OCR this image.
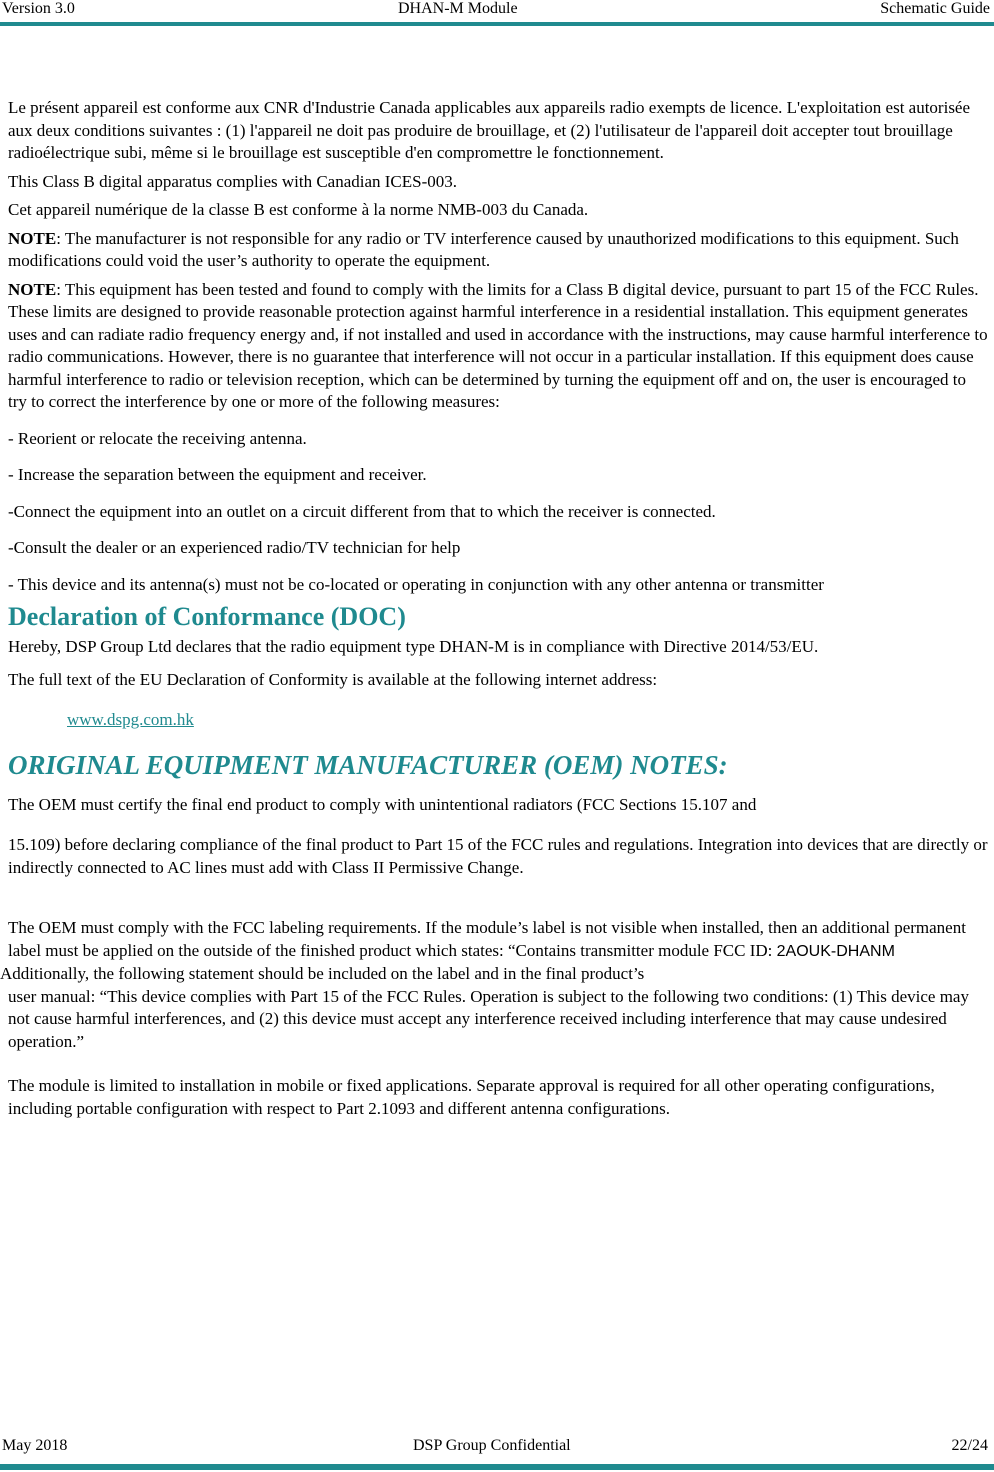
Version 3.0	DHAN-M Module	Schematic Guide

Le présent appareil est conforme aux CNR d'Industrie Canada applicables aux appareils radio exempts de licence. L'exploitation est autorisée aux deux conditions suivantes : (1) l'appareil ne doit pas produire de brouillage, et (2) l'utilisateur de l'appareil doit accepter tout brouillage radioélectrique subi, même si le brouillage est susceptible d'en compromettre le fonctionnement.

This Class B digital apparatus complies with Canadian ICES-003.

Cet appareil numérique de la classe B est conforme à la norme NMB-003 du Canada.

NOTE: The manufacturer is not responsible for any radio or TV interference caused by unauthorized modifications to this equipment. Such modifications could void the user’s authority to operate the equipment.

NOTE: This equipment has been tested and found to comply with the limits for a Class B digital device, pursuant to part 15 of the FCC Rules. These limits are designed to provide reasonable protection against harmful interference in a residential installation. This equipment generates uses and can radiate radio frequency energy and, if not installed and used in accordance with the instructions, may cause harmful interference to radio communications. However, there is no guarantee that interference will not occur in a particular installation. If this equipment does cause harmful interference to radio or television reception, which can be determined by turning the equipment off and on, the user is encouraged to try to correct the interference by one or more of the following measures:

- Reorient or relocate the receiving antenna.

- Increase the separation between the equipment and receiver.

-Connect the equipment into an outlet on a circuit different from that to which the receiver is connected.

-Consult the dealer or an experienced radio/TV technician for help

- This device and its antenna(s) must not be co-located or operating in conjunction with any other antenna or transmitter

Declaration of Conformance (DOC)

Hereby, DSP Group Ltd declares that the radio equipment type DHAN-M is in compliance with Directive 2014/53/EU.

The full text of the EU Declaration of Conformity is available at the following internet address:

www.dspg.com.hk

ORIGINAL EQUIPMENT MANUFACTURER (OEM) NOTES:

The OEM must certify the final end product to comply with unintentional radiators (FCC Sections 15.107 and

15.109) before declaring compliance of the final product to Part 15 of the FCC rules and regulations. Integration into devices that are directly or indirectly connected to AC lines must add with Class II Permissive Change.

The OEM must comply with the FCC labeling requirements. If the module’s label is not visible when installed, then an additional permanent label must be applied on the outside of the finished product which states: “Contains transmitter module FCC ID: 2AOUK-DHANM

Additionally, the following statement should be included on the label and in the final product’s

user manual: “This device complies with Part 15 of the FCC Rules. Operation is subject to the following two conditions: (1) This device may not cause harmful interferences, and (2) this device must accept any interference received including interference that may cause undesired operation.”

The module is limited to installation in mobile or fixed applications. Separate approval is required for all other operating configurations, including portable configuration with respect to Part 2.1093 and different antenna configurations.

May 2018	DSP Group Confidential	22/24
